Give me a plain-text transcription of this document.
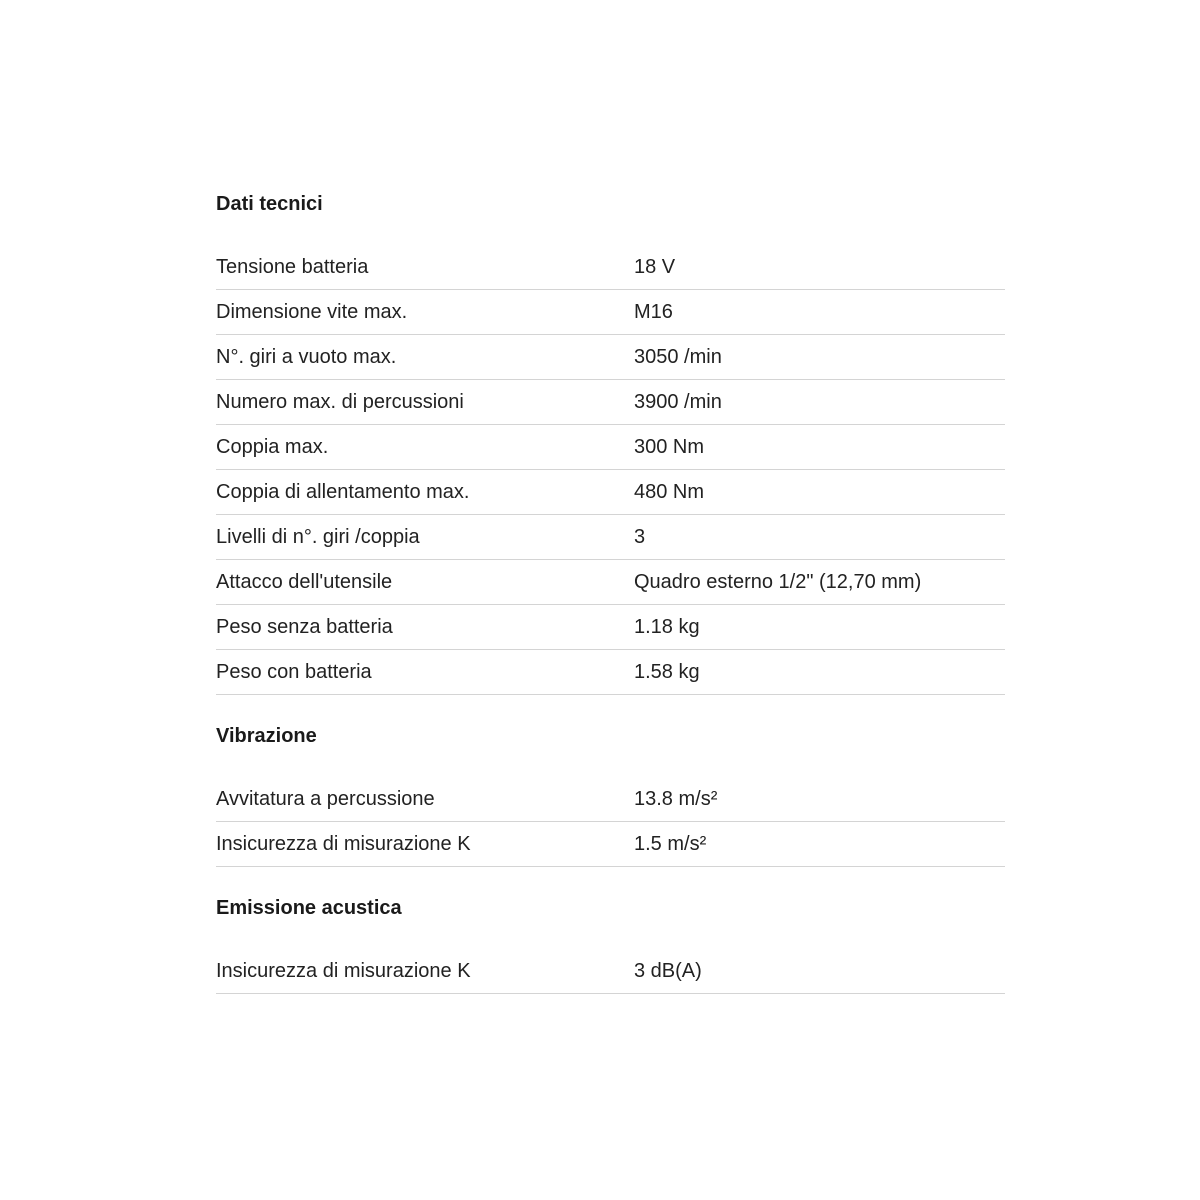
Dati tecnici
Tensione batteria	18 V
Dimensione vite max.	M16
N°. giri a vuoto max.	3050 /min
Numero max. di percussioni	3900 /min
Coppia max.	300 Nm
Coppia di allentamento max.	480 Nm
Livelli di n°. giri /coppia	3
Attacco dell'utensile	Quadro esterno 1/2" (12,70 mm)
Peso senza batteria	1.18 kg
Peso con batteria	1.58 kg
Vibrazione
Avvitatura a percussione	13.8 m/s²
Insicurezza di misurazione K	1.5 m/s²
Emissione acustica
Insicurezza di misurazione K	3 dB(A)
